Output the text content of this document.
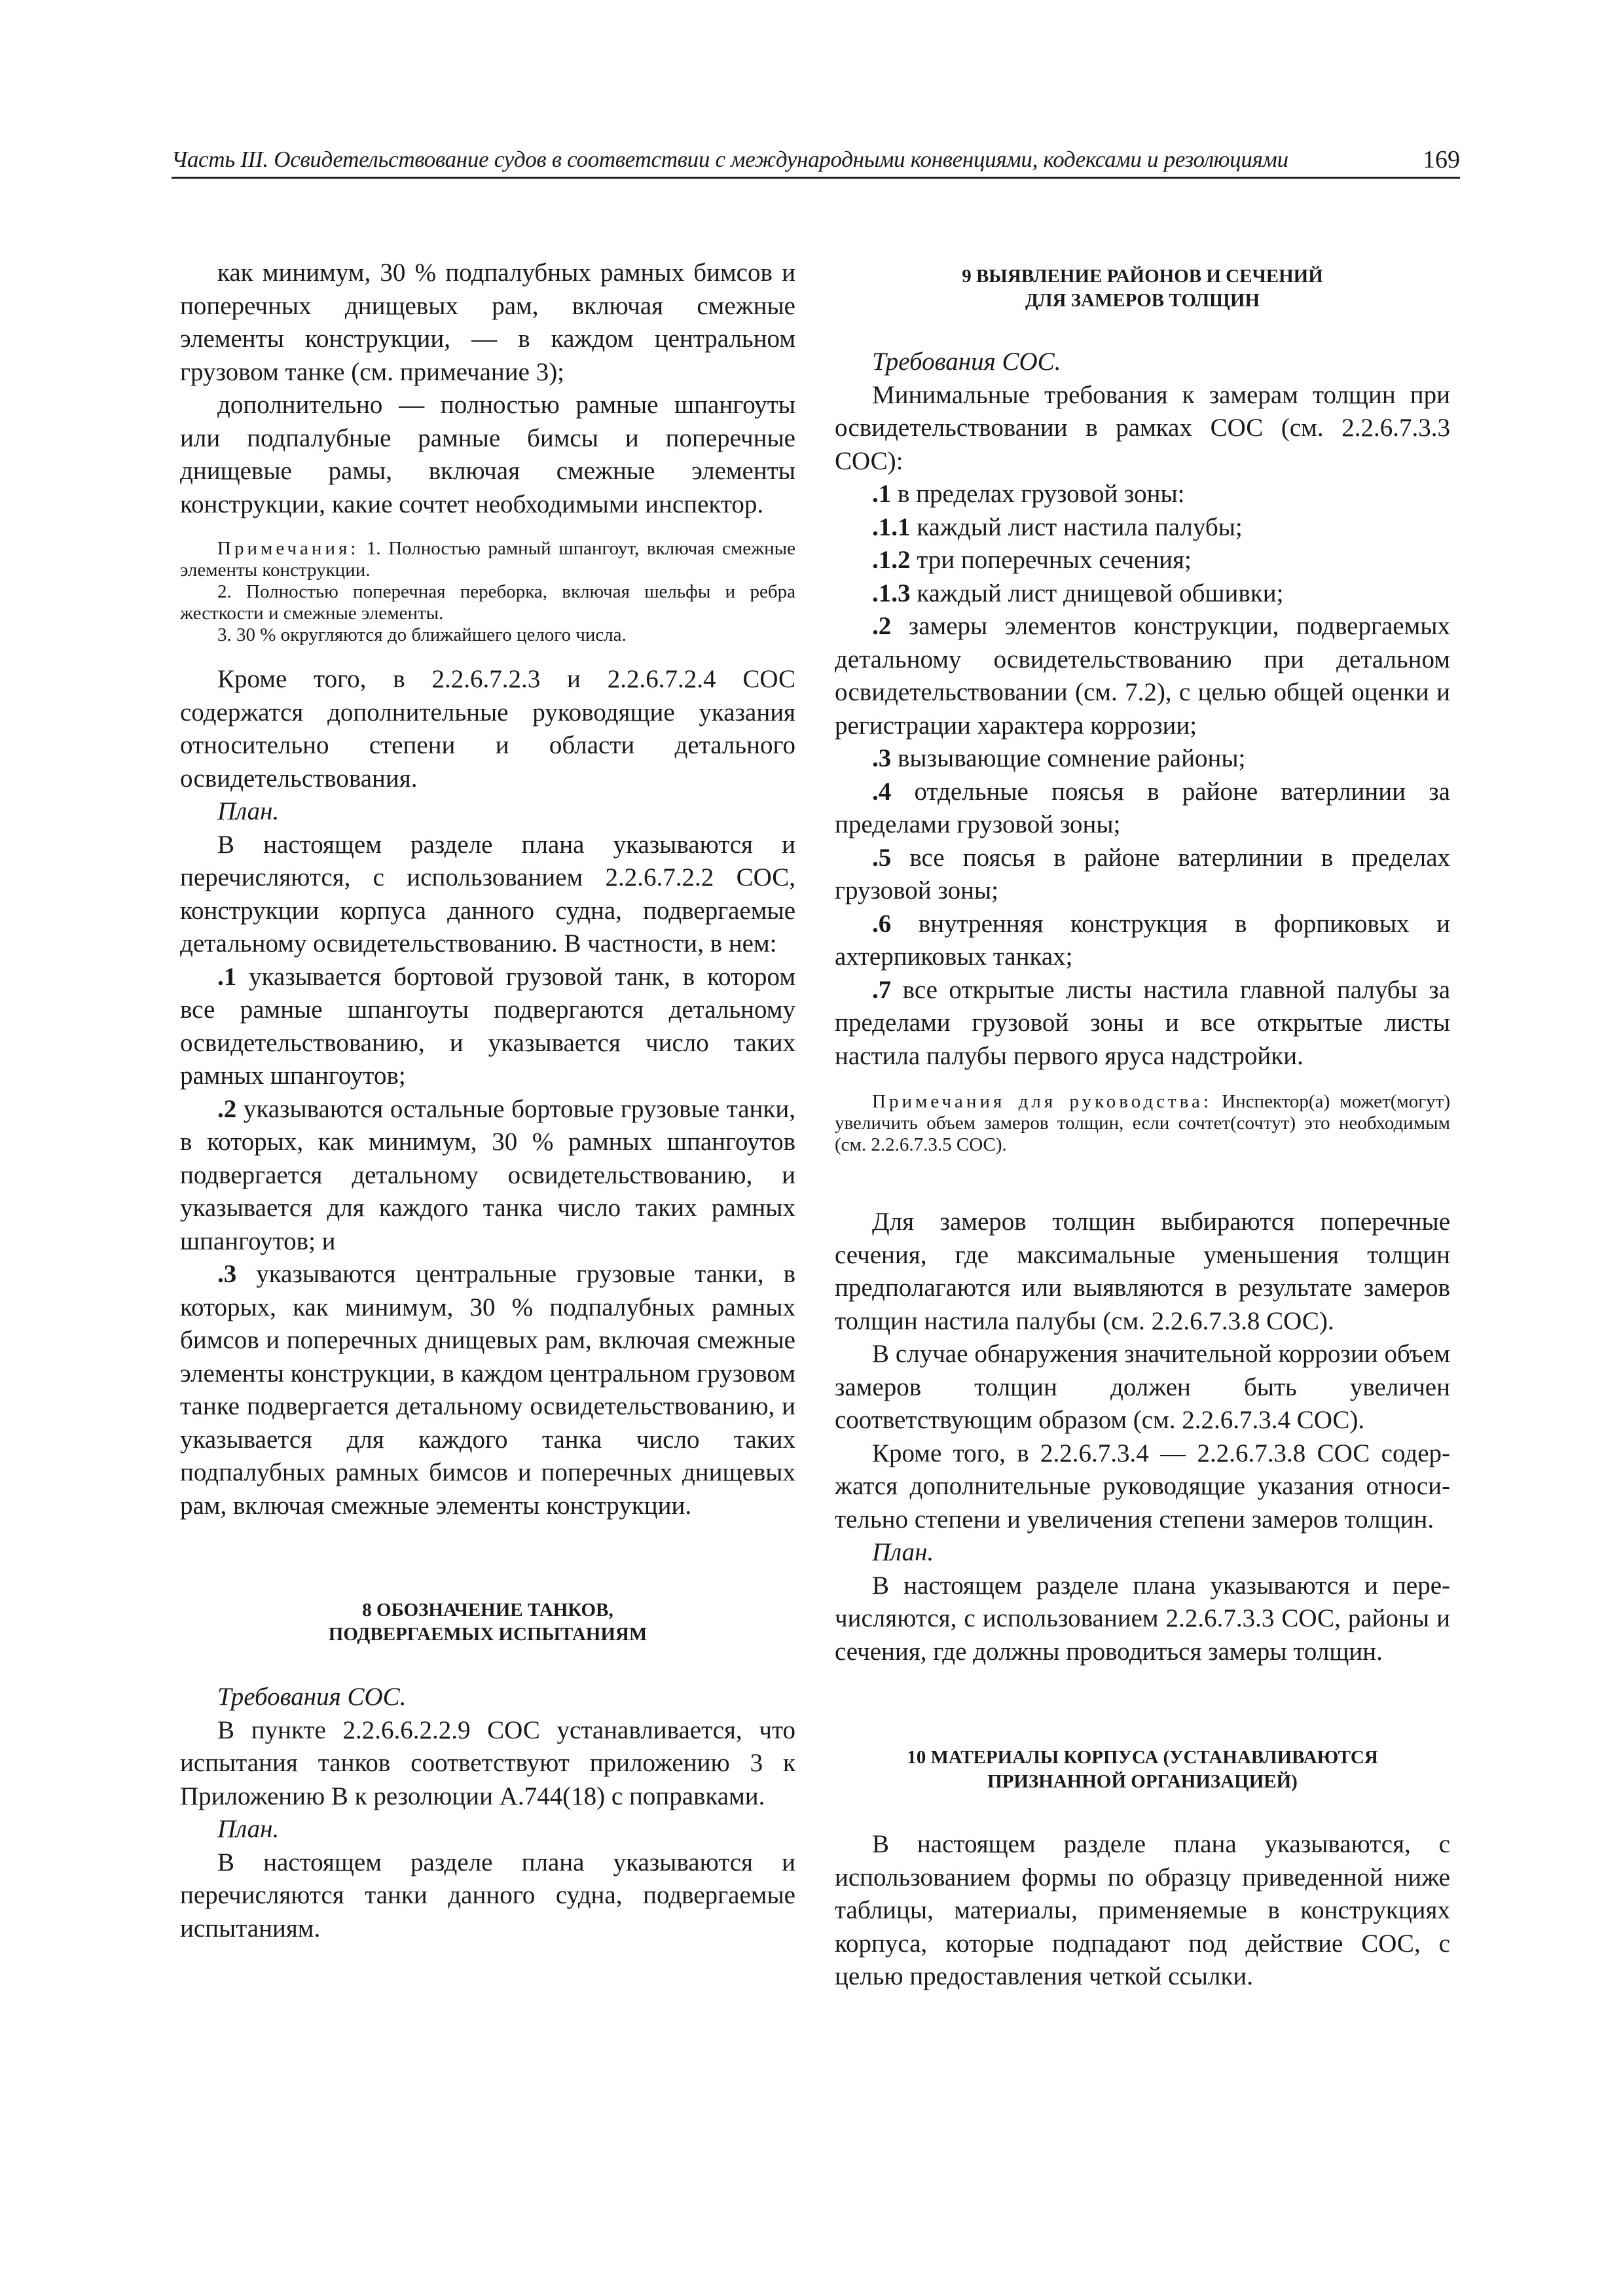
Часть III. Освидетельствование судов в соответствии с международными конвенциями, кодексами и резолюциями	169

как минимум, 30 % подпалубных рамных бимсов и поперечных днищевых рам, включая смежные элементы конструкции, — в каждом центральном грузовом танке (см. примечание 3);

дополнительно — полностью рамные шпангоуты или подпалубные рамные бимсы и поперечные днищевые рамы, включая смежные элементы конструкции, какие сочтет необходимыми инспектор.

Примечания: 1. Полностью рамный шпангоут, включая смежные элементы конструкции.

2. Полностью поперечная переборка, включая шельфы и ребра жесткости и смежные элементы.

3. 30 % округляются до ближайшего целого числа.

Кроме того, в 2.2.6.7.2.3 и 2.2.6.7.2.4 СОС содержатся дополнительные руководящие указания относительно степени и области детального освидетельствования.

План.

В настоящем разделе плана указываются и перечисляются, с использованием 2.2.6.7.2.2 СОС, конструкции корпуса данного судна, подвергаемые детальному освидетельствованию. В частности, в нем:

.1 указывается бортовой грузовой танк, в котором все рамные шпангоуты подвергаются детальному освидетельствованию, и указывается число таких рамных шпангоутов;

.2 указываются остальные бортовые грузовые танки, в которых, как минимум, 30 % рамных шпангоутов подвергается детальному освидетельствованию, и указывается для каждого танка число таких рамных шпангоутов; и

.3 указываются центральные грузовые танки, в которых, как минимум, 30 % подпалубных рамных бимсов и поперечных днищевых рам, включая смежные элементы конструкции, в каждом центральном грузовом танке подвергается детальному освидетельствованию, и указывается для каждого танка число таких подпалубных рамных бимсов и поперечных днищевых рам, включая смежные элементы конструкции.

8 ОБОЗНАЧЕНИЕ ТАНКОВ,

ПОДВЕРГАЕМЫХ ИСПЫТАНИЯМ

Требования СОС.

В пункте 2.2.6.6.2.2.9 СОС устанавливается, что испытания танков соответствуют приложению 3 к Приложению В к резолюции A.744(18) с поправками.

План.

В настоящем разделе плана указываются и перечисляются танки данного судна, подвергаемые испытаниям.

9 ВЫЯВЛЕНИЕ РАЙОНОВ И СЕЧЕНИЙ

ДЛЯ ЗАМЕРОВ ТОЛЩИН

Требования СОС.

Минимальные требования к замерам толщин при освидетельствовании в рамках СОС (см. 2.2.6.7.3.3 СОС):

.1 в пределах грузовой зоны:

.1.1 каждый лист настила палубы;

.1.2 три поперечных сечения;

.1.3 каждый лист днищевой обшивки;

.2 замеры элементов конструкции, подвергаемых детальному освидетельствованию при детальном освидетельствовании (см. 7.2), с целью общей оценки и регистрации характера коррозии;

.3 вызывающие сомнение районы;

.4 отдельные поясья в районе ватерлинии за пределами грузовой зоны;

.5 все поясья в районе ватерлинии в пределах грузовой зоны;

.6 внутренняя конструкция в форпиковых и ахтерпиковых танках;

.7 все открытые листы настила главной палубы за пределами грузовой зоны и все открытые листы настила палубы первого яруса надстройки.

Примечания для руководства: Инспектор(а) может(могут) увеличить объем замеров толщин, если сочтет(сочтут) это необходимым (см. 2.2.6.7.3.5 СОС).

Для замеров толщин выбираются поперечные сечения, где максимальные уменьшения толщин предполагаются или выявляются в результате замеров толщин настила палубы (см. 2.2.6.7.3.8 СОС).

В случае обнаружения значительной коррозии объем замеров толщин должен быть увеличен соответствующим образом (см. 2.2.6.7.3.4 СОС).

Кроме того, в 2.2.6.7.3.4 — 2.2.6.7.3.8 СОС содержатся дополнительные руководящие указания относительно степени и увеличения степени замеров толщин.

План.

В настоящем разделе плана указываются и перечисляются, с использованием 2.2.6.7.3.3 СОС, районы и сечения, где должны проводиться замеры толщин.

10 МАТЕРИАЛЫ КОРПУСА (УСТАНАВЛИВАЮТСЯ

ПРИЗНАННОЙ ОРГАНИЗАЦИЕЙ)

В настоящем разделе плана указываются, с использованием формы по образцу приведенной ниже таблицы, материалы, применяемые в конструкциях корпуса, которые подпадают под действие СОС, с целью предоставления четкой ссылки.
